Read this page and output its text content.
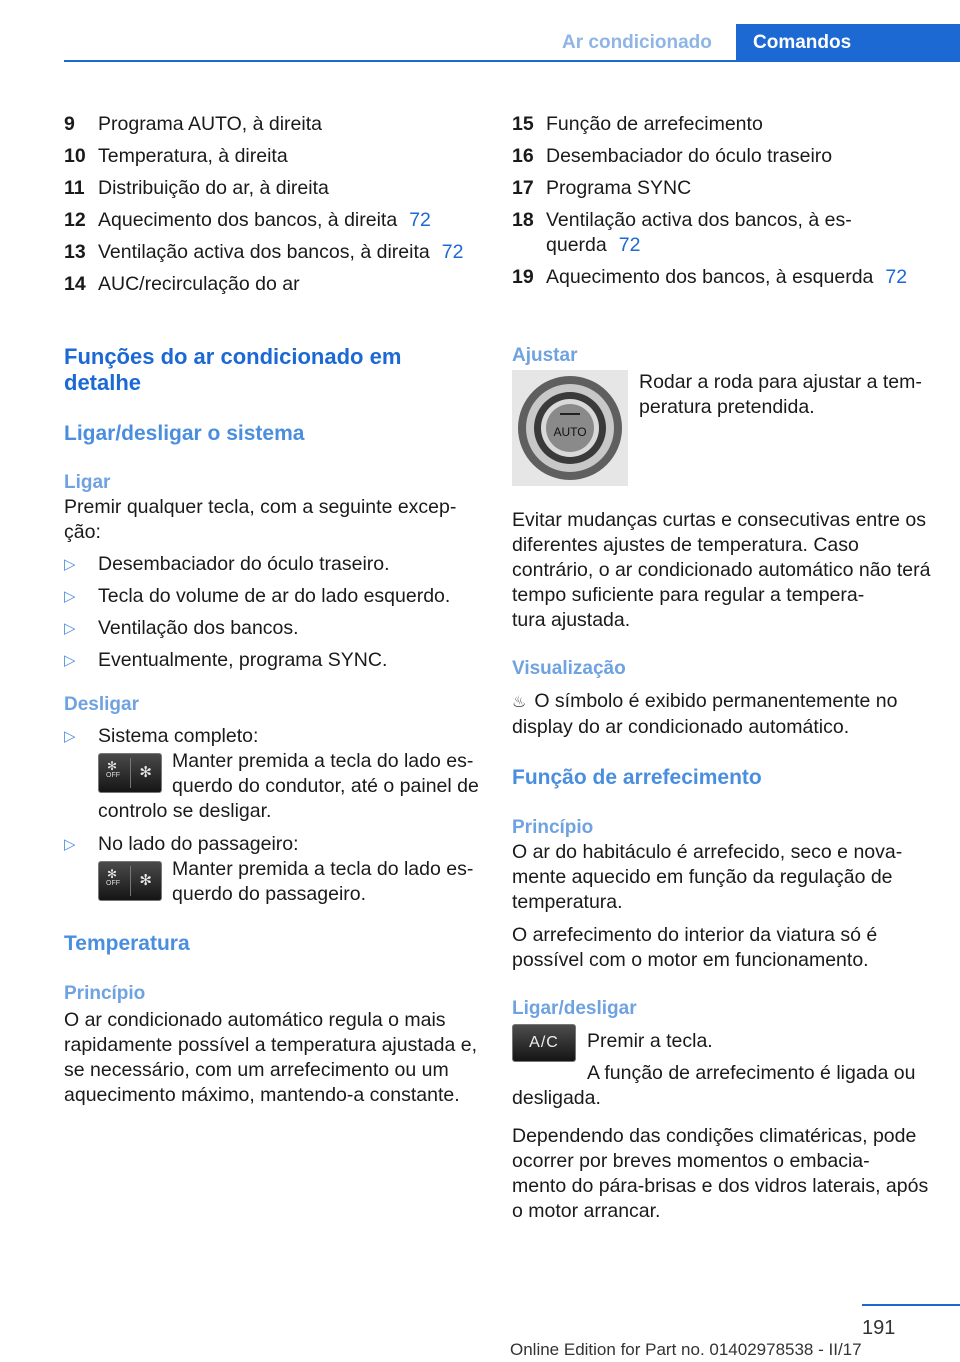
Ar condicionado	Comandos
9	Programa AUTO, à direita
10 Temperatura, à direita
11 Distribuição do ar, à direita
12 Aquecimento dos bancos, à direita 72
13 Ventilação activa dos bancos, à direita 72
14 AUC/recirculação do ar
Funções do ar condicionado em detalhe
Ligar/desligar o sistema
Ligar

Premir qualquer tecla, com a seguinte excep-
ção:

▷	Desembaciador do óculo traseiro.
▷	Tecla do volume de ar do lado esquerdo.
▷	Ventilação dos bancos.
▷	Eventualmente, programa SYNC.
Desligar
▷	Sistema completo:
✻
OFF ✻
Manter premida a tecla do lado es-
querdo do condutor, até o painel de controlo se desligar.
▷	No lado do passageiro:
✻
OFF ✻
Manter premida a tecla do lado es-
querdo do passageiro.
Temperatura
Princípio

O ar condicionado automático regula o mais rapidamente possível a temperatura ajustada e, se necessário, com um arrefecimento ou um aquecimento máximo, mantendo-a constante.

15 Função de arrefecimento
16 Desembaciador do óculo traseiro
17 Programa SYNC
18 Ventilação activa dos bancos, à es-
querda 72
19 Aquecimento dos bancos, à esquerda 72
Ajustar
AUTO

Rodar a roda para ajustar a tem-
peratura pretendida.

Evitar mudanças curtas e consecutivas entre os diferentes ajustes de temperatura. Caso contrário, o ar condicionado automático não terá tempo suficiente para regular a tempera-
tura ajustada.

Visualização

♨ O símbolo é exibido permanentemente no display do ar condicionado automático.

Função de arrefecimento
Princípio

O ar do habitáculo é arrefecido, seco e nova-
mente aquecido em função da regulação de temperatura.

O arrefecimento do interior da viatura só é possível com o motor em funcionamento.

Ligar/desligar
A/C	Premir a tecla.

A função de arrefecimento é ligada ou desligada.

Dependendo das condições climatéricas, pode ocorrer por breves momentos o embacia-
mento do pára-brisas e dos vidros laterais, após o motor arrancar.

191
Online Edition for Part no. 01402978538 - II/17
